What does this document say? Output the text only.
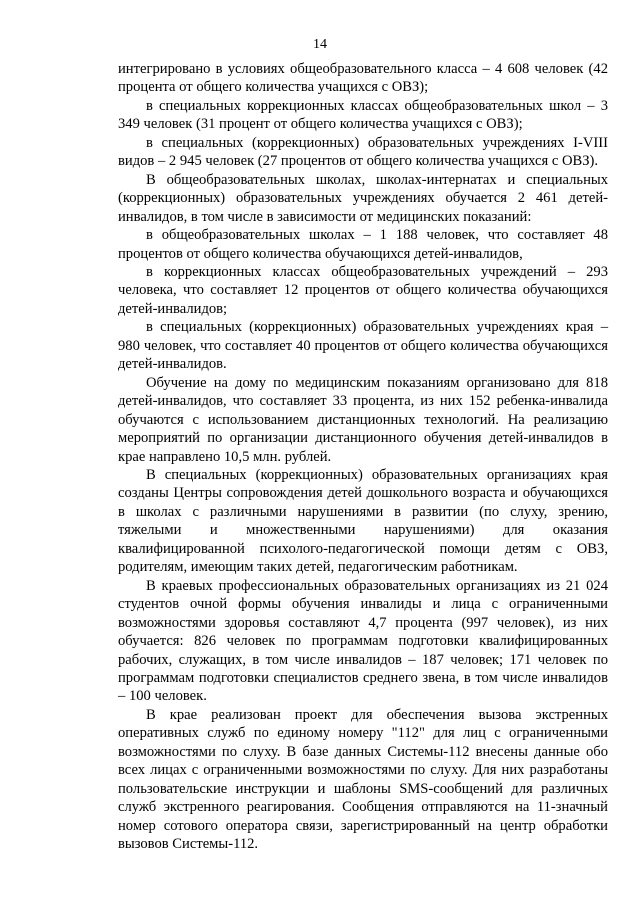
14

интегрировано в условиях общеобразовательного класса – 4 608 человек (42 процента от общего количества учащихся с ОВЗ);

в специальных коррекционных классах общеобразовательных школ – 3 349 человек (31 процент от общего количества учащихся с ОВЗ);

в специальных (коррекционных) образовательных учреждениях I-VIII видов – 2 945 человек (27 процентов от общего количества учащихся с ОВЗ).

В общеобразовательных школах, школах-интернатах и специальных (коррекционных) образовательных учреждениях обучается 2 461 детей-инвалидов, в том числе в зависимости от медицинских показаний:

в общеобразовательных школах – 1 188 человек, что составляет 48 процентов от общего количества обучающихся детей-инвалидов,

в коррекционных классах общеобразовательных учреждений – 293 человека, что составляет 12 процентов от общего количества обучающихся детей-инвалидов;

в специальных (коррекционных) образовательных учреждениях края – 980 человек, что составляет 40 процентов от общего количества обучающихся детей-инвалидов.

Обучение на дому по медицинским показаниям организовано для 818 детей-инвалидов, что составляет 33 процента, из них 152 ребенка-инвалида обучаются с использованием дистанционных технологий. На реализацию мероприятий по организации дистанционного обучения детей-инвалидов в крае направлено 10,5 млн. рублей.

В специальных (коррекционных) образовательных организациях края созданы Центры сопровождения детей дошкольного возраста и обучающихся в школах с различными нарушениями в развитии (по слуху, зрению, тяжелыми и множественными нарушениями) для оказания квалифицированной психолого-педагогической помощи детям с ОВЗ, родителям, имеющим таких детей, педагогическим работникам.

В краевых профессиональных образовательных организациях из 21 024 студентов очной формы обучения инвалиды и лица с ограниченными возможностями здоровья составляют 4,7 процента (997 человек), из них обучается: 826 человек по программам подготовки квалифицированных рабочих, служащих, в том числе инвалидов – 187 человек; 171 человек по программам подготовки специалистов среднего звена, в том числе инвалидов – 100 человек.

В крае реализован проект для обеспечения вызова экстренных оперативных служб по единому номеру "112" для лиц с ограниченными возможностями по слуху. В базе данных Системы-112 внесены данные обо всех лицах с ограниченными возможностями по слуху. Для них разработаны пользовательские инструкции и шаблоны SMS-сообщений для различных служб экстренного реагирования. Сообщения отправляются на 11-значный номер сотового оператора связи, зарегистрированный на центр обработки вызовов Системы-112.
